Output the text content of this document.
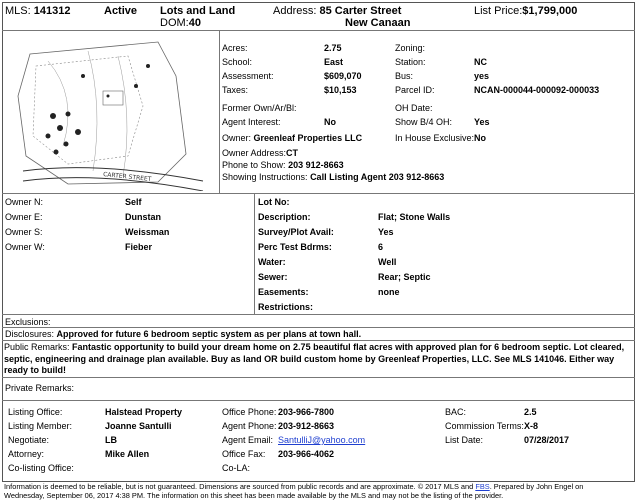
MLS: 141312	Active Lots and Land
DOM:40
Address: 85 Carter Street
New Canaan
List Price:$1,799,000
CARTER STREET
Acres:	2.75	Zoning:
School:	East	Station:	NC
Assessment:	$609,070	Bus:	yes
Taxes:	$10,153	Parcel ID:	NCAN-000044-000092-000033
Former Own/Ar/Bl:	OH Date:
Agent Interest:	No	Show B/4 OH: Yes
Owner: Greenleaf Properties LLC	In House Exclusive: No
Owner Address:CT
Phone to Show: 203 912-8663
Showing Instructions: Call Listing Agent 203 912-8663
Owner N:	Self
Owner E:	Dunstan
Owner S:	Weissman
Owner W:	Fieber
Lot No:
Description:	Flat; Stone Walls
Survey/Plot Avail:	Yes
Perc Test Bdrms:	6
Water:	Well
Sewer:	Rear; Septic
Easements:	none
Restrictions:
Exclusions:
Disclosures: Approved for future 6 bedroom septic system as per plans at town hall.
Public Remarks: Fantastic opportunity to build your dream home on 2.75 beautiful flat acres with approved plan for 6 bedroom septic. Lot cleared, septic, engineering and drainage plan available. Buy as land OR build custom home by Greenleaf Properties, LLC. See MLS 141046. Either way ready to build!
Private Remarks:
Listing Office:	Halstead Property	Office Phone: 203-966-7800	BAC:	2.5
Listing Member:	Joanne Santulli	Agent Phone: 203-912-8663	Commission Terms: X-8
Negotiate:	LB	Agent Email: SantulliJ@yahoo.com	List Date:	07/28/2017
Attorney:	Mike Allen	Office Fax: 203-966-4062
Co-listing Office:	Co-LA:
Information is deemed to be reliable, but is not guaranteed. Dimensions are sourced from public records and are approximate. © 2017 MLS and FBS. Prepared by John Engel on
Wednesday, September 06, 2017 4:38 PM. The information on this sheet has been made available by the MLS and may not be the listing of the provider.
